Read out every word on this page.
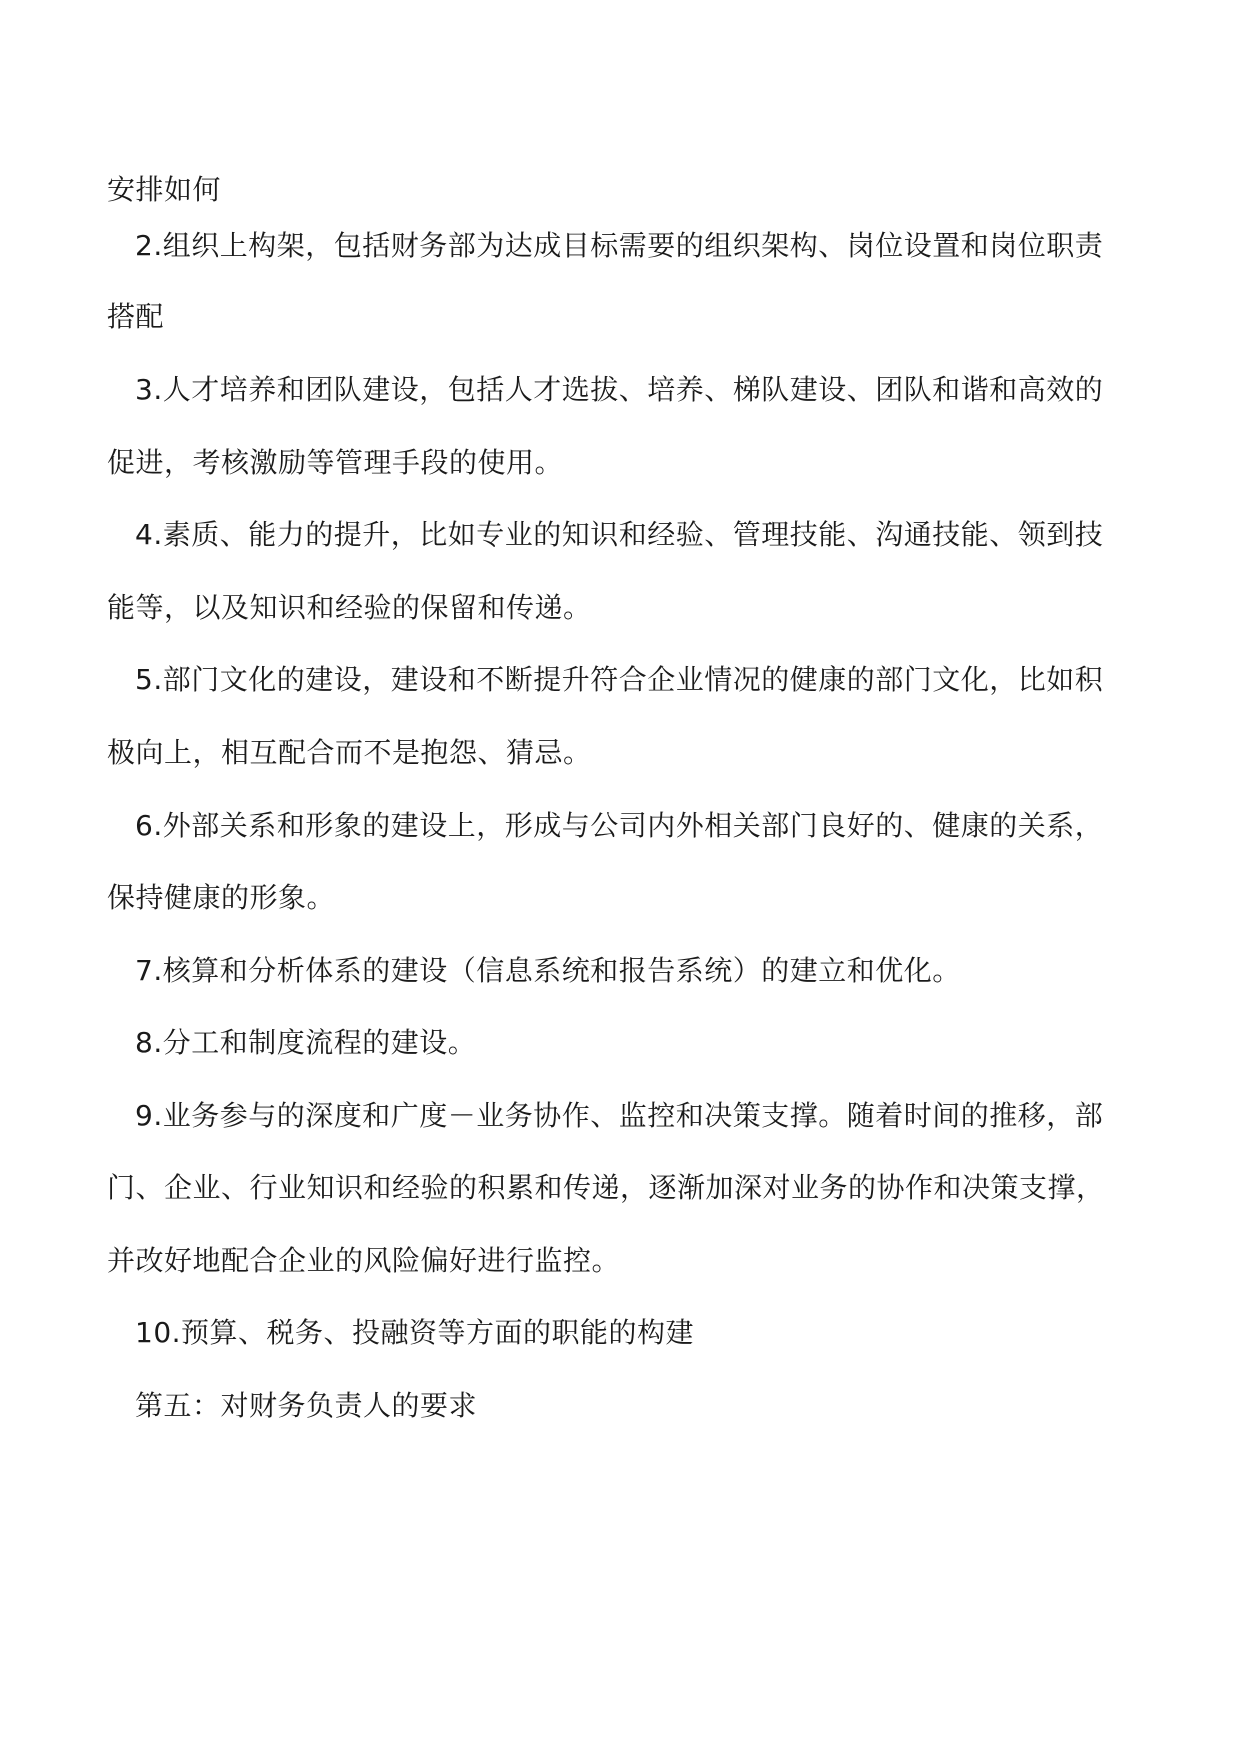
安排如何
2.组织上构架，包括财务部为达成目标需要的组织架构、岗位设置和岗位职责
搭配
3.人才培养和团队建设，包括人才选拔、培养、梯队建设、团队和谐和高效的
促进，考核激励等管理手段的使用。
4.素质、能力的提升，比如专业的知识和经验、管理技能、沟通技能、领到技
能等，以及知识和经验的保留和传递。
5.部门文化的建设，建设和不断提升符合企业情况的健康的部门文化，比如积
极向上，相互配合而不是抱怨、猜忌。
6.外部关系和形象的建设上，形成与公司内外相关部门良好的、健康的关系，
保持健康的形象。
7.核算和分析体系的建设（信息系统和报告系统）的建立和优化。
8.分工和制度流程的建设。
9.业务参与的深度和广度－业务协作、监控和决策支撑。随着时间的推移，部
门、企业、行业知识和经验的积累和传递，逐渐加深对业务的协作和决策支撑，
并改好地配合企业的风险偏好进行监控。
10.预算、税务、投融资等方面的职能的构建
第五：对财务负责人的要求
